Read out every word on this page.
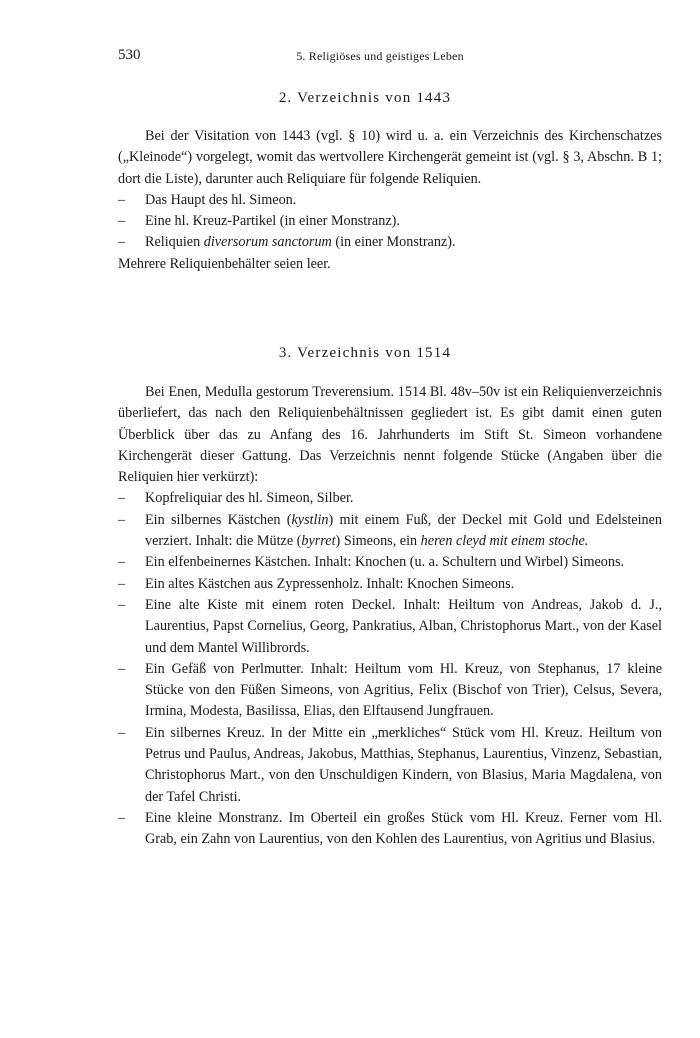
530	5. Religiöses und geistiges Leben
2. Verzeichnis von 1443

Bei der Visitation von 1443 (vgl. § 10) wird u. a. ein Verzeichnis des Kirchenschatzes („Kleinode“) vorgelegt, womit das wertvollere Kirchengerät gemeint ist (vgl. § 3, Abschn. B 1; dort die Liste), darunter auch Reliquiare für folgende Reliquien.

– Das Haupt des hl. Simeon.
– Eine hl. Kreuz-Partikel (in einer Monstranz).
– Reliquien diversorum sanctorum (in einer Monstranz).

Mehrere Reliquienbehälter seien leer.

3. Verzeichnis von 1514

Bei Enen, Medulla gestorum Treverensium. 1514 Bl. 48v–50v ist ein Reliquienverzeichnis überliefert, das nach den Reliquienbehältnissen gegliedert ist. Es gibt damit einen guten Überblick über das zu Anfang des 16. Jahrhunderts im Stift St. Simeon vorhandene Kirchengerät dieser Gattung. Das Verzeichnis nennt folgende Stücke (Angaben über die Reliquien hier verkürzt):

– Kopfreliquiar des hl. Simeon, Silber.
– Ein silbernes Kästchen (kystlin) mit einem Fuß, der Deckel mit Gold und Edelsteinen verziert. Inhalt: die Mütze (byrret) Simeons, ein heren cleyd mit einem stoche.
– Ein elfenbeinernes Kästchen. Inhalt: Knochen (u. a. Schultern und Wirbel) Simeons.
– Ein altes Kästchen aus Zypressenholz. Inhalt: Knochen Simeons.
– Eine alte Kiste mit einem roten Deckel. Inhalt: Heiltum von Andreas, Jakob d. J., Laurentius, Papst Cornelius, Georg, Pankratius, Alban, Christophorus Mart., von der Kasel und dem Mantel Willibrords.
– Ein Gefäß von Perlmutter. Inhalt: Heiltum vom Hl. Kreuz, von Stephanus, 17 kleine Stücke von den Füßen Simeons, von Agritius, Felix (Bischof von Trier), Celsus, Severa, Irmina, Modesta, Basilissa, Elias, den Elftausend Jungfrauen.
– Ein silbernes Kreuz. In der Mitte ein „merkliches“ Stück vom Hl. Kreuz. Heiltum von Petrus und Paulus, Andreas, Jakobus, Matthias, Stephanus, Laurentius, Vinzenz, Sebastian, Christophorus Mart., von den Unschuldigen Kindern, von Blasius, Maria Magdalena, von der Tafel Christi.
– Eine kleine Monstranz. Im Oberteil ein großes Stück vom Hl. Kreuz. Ferner vom Hl. Grab, ein Zahn von Laurentius, von den Kohlen des Laurentius, von Agritius und Blasius.
